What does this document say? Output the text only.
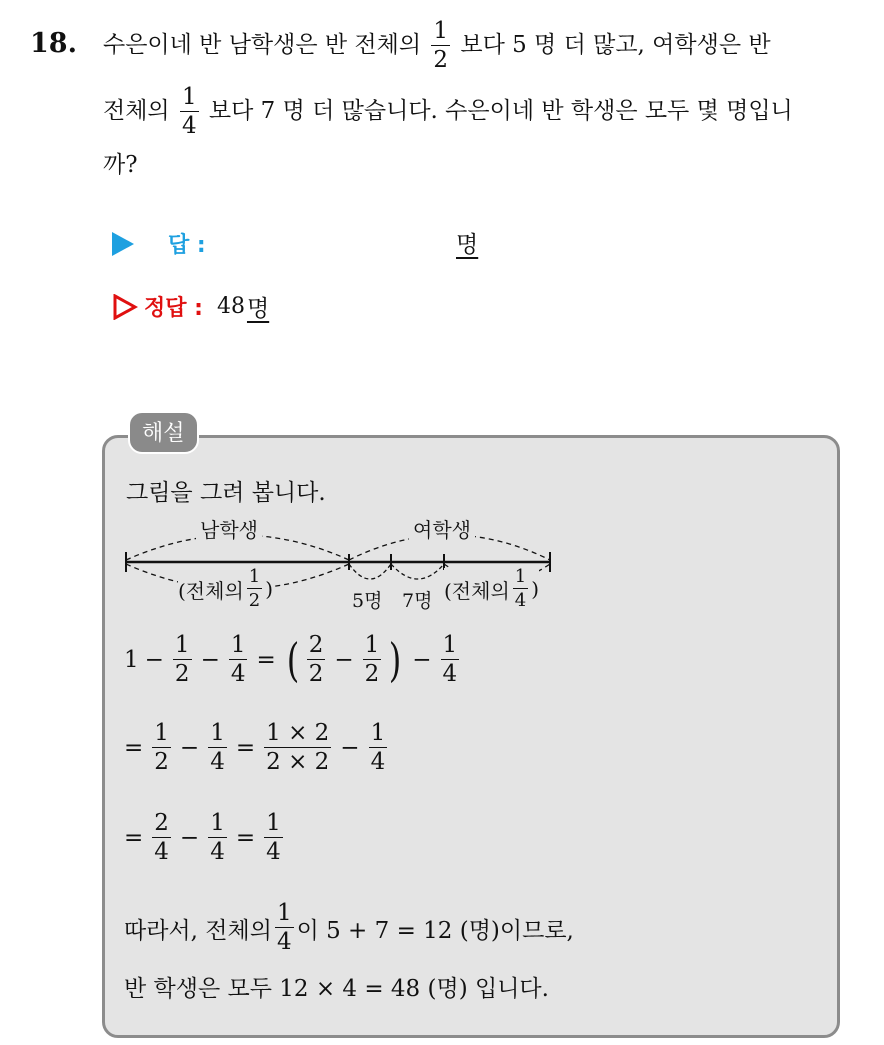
18. 수은이네 반 남학생은 반 전체의 $\frac{1}{2}$ 보다 5 명 더 많고, 여학생은 반
전체의 $\frac{1}{4}$ 보다 7 명 더 많습니다. 수은이네 반 학생은 모두 몇 명입니
까?
답 :	명
정답 : 48 명
해설
그림을 그려 봅니다.
남학생	여학생
(전체의 $\frac{1}{2}$ )	5명 7명 (전체의 $\frac{1}{4}$ )
$1 - \frac{1}{2} - \frac{1}{4}$ = ( $\frac{2}{2} - \frac{1}{2}$ ) − $\frac{1}{4}$
= $\frac{1}{2} - \frac{1}{4} = \frac{1 \times 2}{2 \times 2} - \frac{1}{4}$
= $\frac{2}{4} - \frac{1}{4} = \frac{1}{4}$
따라서, 전체의 $\frac{1}{4}$ 이 5 + 7 = 12 (명)이므로,
반 학생은 모두 12 × 4 = 48 (명) 입니다.
